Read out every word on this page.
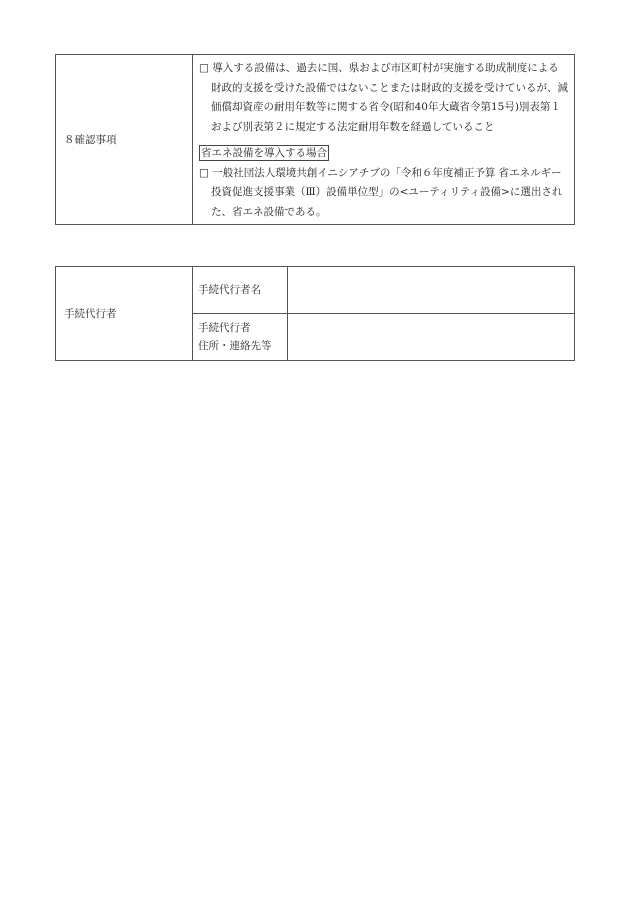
８確認事項	
□ 導入する設備は、過去に国、県および市区町村が実施する助成制度による財政的支援を受けた設備ではないことまたは財政的支援を受けているが、減価償却資産の耐用年数等に関する省令(昭和40年大蔵省令第15号)別表第１および別表第２に規定する法定耐用年数を経過していること
省エネ設備を導入する場合
□ 一般社団法人環境共創イニシアチブの「令和６年度補正予算 省エネルギー投資促進支援事業（Ⅲ）設備単位型」の<ユーティリティ設備>に選出された、省エネ設備である。
手続代行者	手続代行者名	

	手続代行者
住所・連絡先等	
